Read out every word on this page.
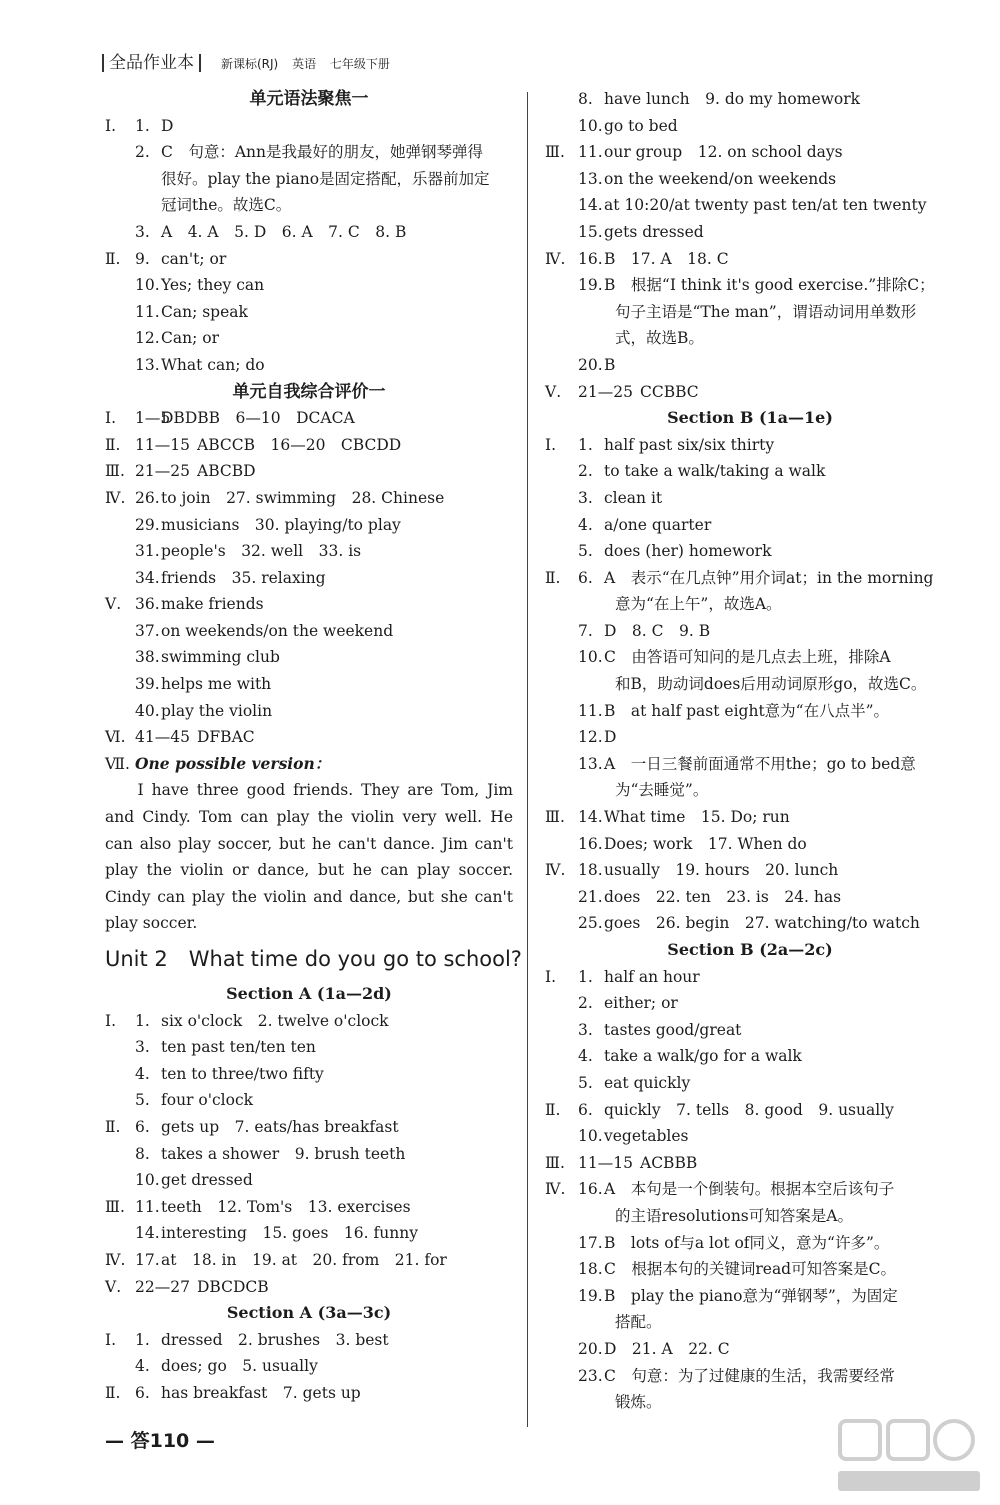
全品作业本	新课标(RJ) 英语 七年级下册
单元语法聚焦一
Ⅰ. 1. D
2. C　句意：Ann是我最好的朋友，她弹钢琴弹得
很好。play the piano是固定搭配，乐器前加定
冠词the。故选C。
3. A　4. A　5. D　6. A　7. C　8. B
Ⅱ. 9. can't; or
10. Yes; they can
11. Can; speak
12. Can; or
13. What can; do
单元自我综合评价一
Ⅰ. 1—5
DBDBB　6—10　DCACA
Ⅱ. 11—15 ABCCB　16—20　CBCDD
Ⅲ. 21—25 ABCBD
Ⅳ. 26. to join　27. swimming　28. Chinese
29. musicians　30. playing/to play
31. people's　32. well　33. is
34. friends　35. relaxing
Ⅴ. 36. make friends
37. on weekends/on the weekend
38. swimming club
39. helps me with
40. play the violin
Ⅵ. 41—45 DFBAC
Ⅶ. One possible version：

I have three good friends. They are Tom, Jim and Cindy. Tom can play the violin very well. He can also play soccer, but he can't dance. Jim can't play the violin or dance, but he can play soccer. Cindy can play the violin and dance, but she can't play soccer.

Unit 2　What time do you go to school?
Section A (1a—2d)
Ⅰ. 1. six o'clock　2. twelve o'clock
3. ten past ten/ten ten
4. ten to three/two fifty
5. four o'clock
Ⅱ. 6. gets up　7. eats/has breakfast
8. takes a shower　9. brush teeth
10. get dressed
Ⅲ. 11. teeth　12. Tom's　13. exercises
14. interesting　15. goes　16. funny
Ⅳ. 17. at　18. in　19. at　20. from　21. for
Ⅴ. 22—27 DBCDCB
Section A (3a—3c)
Ⅰ. 1. dressed　2. brushes　3. best
4. does; go　5. usually
Ⅱ. 6. has breakfast　7. gets up
8. have lunch　9. do my homework
10. go to bed
Ⅲ. 11. our group　12. on school days
13. on the weekend/on weekends
14. at 10:20/at twenty past ten/at ten twenty
15. gets dressed
Ⅳ. 16. B　17. A　18. C
19. B　根据“I think it's good exercise.”排除C；
句子主语是“The man”，谓语动词用单数形
式，故选B。
20. B
Ⅴ. 21—25 CCBBC
Section B (1a—1e)
Ⅰ. 1. half past six/six thirty
2. to take a walk/taking a walk
3. clean it
4. a/one quarter
5. does (her) homework
Ⅱ. 6. A　表示“在几点钟”用介词at；in the morning
意为“在上午”，故选A。
7. D　8. C　9. B
10. C　由答语可知问的是几点去上班，排除A
和B，助动词does后用动词原形go，故选C。
11. B　at half past eight意为“在八点半”。
12. D
13. A　一日三餐前面通常不用the；go to bed意
为“去睡觉”。
Ⅲ. 14. What time　15. Do; run
16. Does; work　17. When do
Ⅳ. 18. usually　19. hours　20. lunch
21. does　22. ten　23. is　24. has
25. goes　26. begin　27. watching/to watch
Section B (2a—2c)
Ⅰ. 1. half an hour
2. either; or
3. tastes good/great
4. take a walk/go for a walk
5. eat quickly
Ⅱ. 6. quickly　7. tells　8. good　9. usually
10. vegetables
Ⅲ. 11—15 ACBBB
Ⅳ. 16. A　本句是一个倒装句。根据本空后该句子
的主语resolutions可知答案是A。
17. B　lots of与a lot of同义，意为“许多”。
18. C　根据本句的关键词read可知答案是C。
19. B　play the piano意为“弹钢琴”，为固定
搭配。
20. D　21. A　22. C
23. C　句意：为了过健康的生活，我需要经常
锻炼。
— 答110 —
